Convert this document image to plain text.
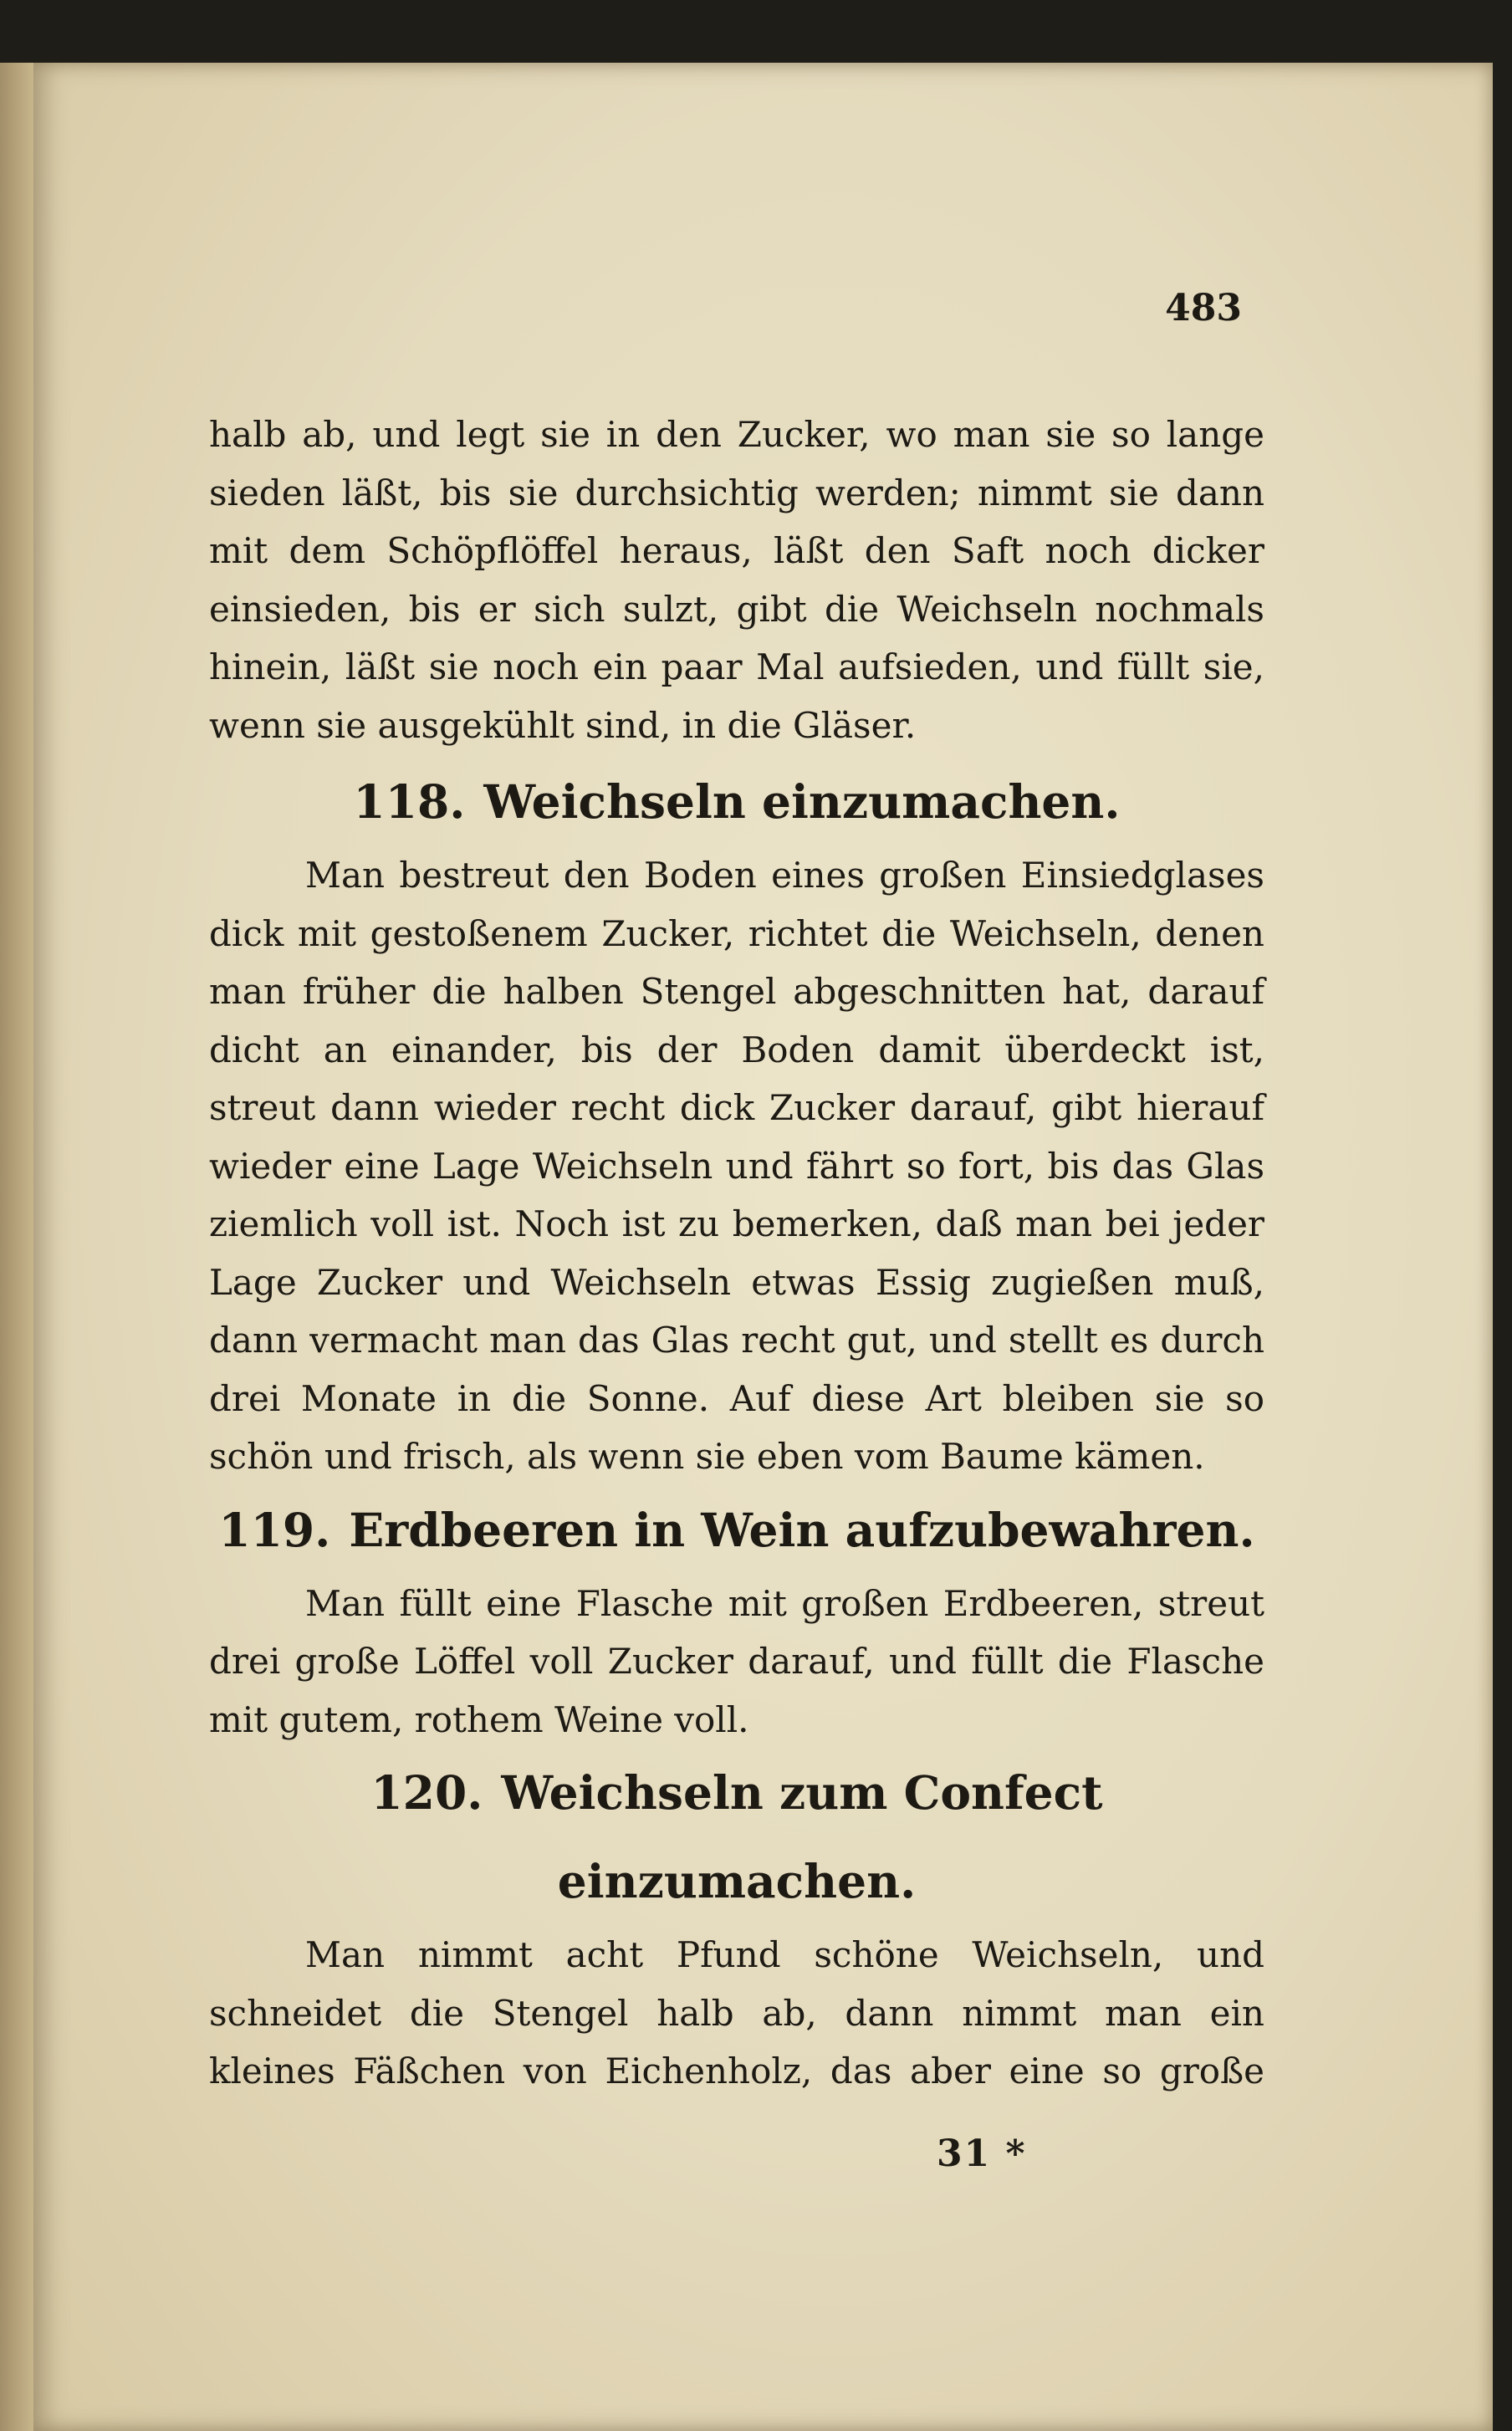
483

halb ab, und legt sie in den Zucker, wo man sie so lange sieden läßt, bis sie durchsichtig werden; nimmt sie dann mit dem Schöpflöffel heraus, läßt den Saft noch dicker einsieden, bis er sich sulzt, gibt die Weichseln nochmals hinein, läßt sie noch ein paar Mal aufsieden, und füllt sie, wenn sie ausgekühlt sind, in die Gläser.

118. Weichseln einzumachen.

Man bestreut den Boden eines großen Einsiedglases dick mit gestoßenem Zucker, richtet die Weichseln, denen man früher die halben Stengel abgeschnitten hat, darauf dicht an einander, bis der Boden damit überdeckt ist, streut dann wieder recht dick Zucker darauf, gibt hierauf wieder eine Lage Weichseln und fährt so fort, bis das Glas ziemlich voll ist. Noch ist zu bemerken, daß man bei jeder Lage Zucker und Weichseln etwas Essig zugießen muß, dann vermacht man das Glas recht gut, und stellt es durch drei Monate in die Sonne. Auf diese Art bleiben sie so schön und frisch, als wenn sie eben vom Baume kämen.

119. Erdbeeren in Wein aufzubewahren.

Man füllt eine Flasche mit großen Erdbeeren, streut drei große Löffel voll Zucker darauf, und füllt die Flasche mit gutem, rothem Weine voll.

120. Weichseln zum Confect einzumachen.

Man nimmt acht Pfund schöne Weichseln, und schneidet die Stengel halb ab, dann nimmt man ein kleines Fäßchen von Eichenholz, das aber eine so große

31 *
